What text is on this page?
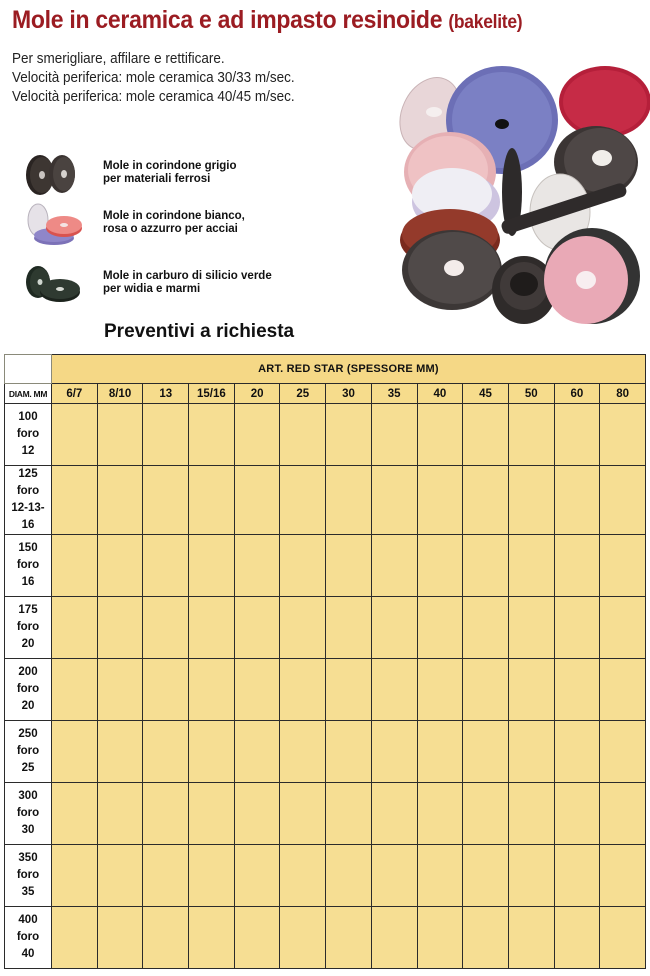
Mole in ceramica e ad impasto resinoide (bakelite)
Per smerigliare, affilare e rettificare.
Velocità periferica: mole ceramica 30/33 m/sec.
Velocità periferica: mole ceramica 40/45 m/sec.
Mole in corindone grigio
per materiali ferrosi
Mole in corindone bianco,
rosa o azzurro per acciai
Mole in carburo di silicio verde
per widia e marmi
Preventivi a richiesta
	ART. RED STAR (SPESSORE MM)												
DIAM. MM	6/7	8/10	13	15/16	20	25	30	35	40	45	50	60	80

100
foro
12													

125
foro
12-13-16													

150
foro
16													

175
foro
20													

200
foro
20													

250
foro
25													

300
foro
30													

350
foro
35													

400
foro
40													
